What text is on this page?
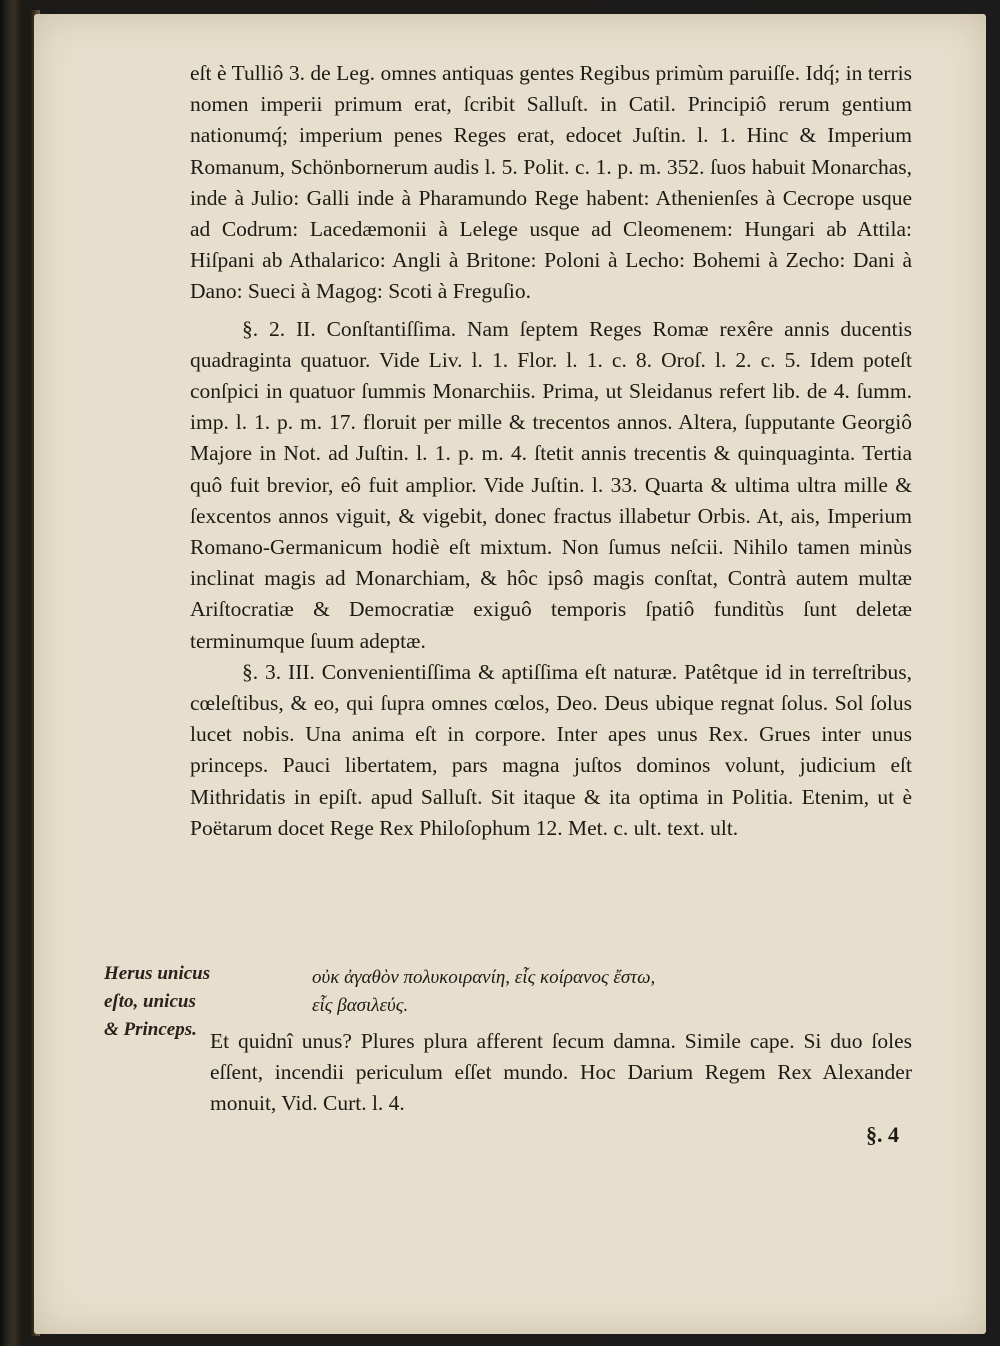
eſt è Tulliô 3. de Leg. omnes antiquas gentes Regibus primùm paruiſſe. Idq́; in terris nomen imperii primum erat, ſcribit Salluſt. in Catil. Principiô rerum gentium nationumq́; imperium penes Reges erat, edocet Juſtin. l. 1. Hinc & Imperium Romanum, Schönbornerum audis l. 5. Polit. c. 1. p. m. 352. ſuos habuit Monarchas, inde à Julio: Galli inde à Pharamundo Rege habent: Athenienſes à Cecrope usque ad Codrum: Lacedæmonii à Lelege usque ad Cleomenem: Hungari ab Attila: Hiſpani ab Athalarico: Angli à Britone: Poloni à Lecho: Bohemi à Zecho: Dani à Dano: Sueci à Magog: Scoti à Freguſio.

§. 2. II. Conſtantiſſima. Nam ſeptem Reges Romæ rexêre annis ducentis quadraginta quatuor. Vide Liv. l. 1. Flor. l. 1. c. 8. Oroſ. l. 2. c. 5. Idem poteſt conſpici in quatuor ſummis Monarchiis. Prima, ut Sleidanus refert lib. de 4. ſumm. imp. l. 1. p. m. 17. floruit per mille & trecentos annos. Altera, ſupputante Georgiô Majore in Not. ad Juſtin. l. 1. p. m. 4. ſtetit annis trecentis & quinquaginta. Tertia quô fuit brevior, eô fuit amplior. Vide Juſtin. l. 33. Quarta & ultima ultra mille & ſexcentos annos viguit, & vigebit, donec fractus illabetur Orbis. At, ais, Imperium Romano-Germanicum hodiè eſt mixtum. Non ſumus neſcii. Nihilo tamen minùs inclinat magis ad Monarchiam, & hôc ipsô magis conſtat, Contrà autem multæ Ariſtocratiæ & Democratiæ exiguô temporis ſpatiô funditùs ſunt deletæ terminumque ſuum adeptæ.

§. 3. III. Convenientiſſima & aptiſſima eſt naturæ. Patêtque id in terreſtribus, cœleſtibus, & eo, qui ſupra omnes cœlos, Deo. Deus ubique regnat ſolus. Sol ſolus lucet nobis. Una anima eſt in corpore. Inter apes unus Rex. Grues inter unus princeps. Pauci libertatem, pars magna juſtos dominos volunt, judicium eſt Mithridatis in epiſt. apud Salluſt. Sit itaque & ita optima in Politia. Etenim, ut è Poëtarum docet Rege Rex Philoſophum 12. Met. c. ult. text. ult.

Herus unicus eſto, unicus & Princeps.
οὐκ ἀγαθὸν πολυκοιρανίη, εἷς κοίρανος ἔστω,
εἷς βασιλεύς.

Et quidnî unus? Plures plura afferent ſecum damna. Simile cape. Si duo ſoles eſſent, incendii periculum eſſet mundo. Hoc Darium Regem Rex Alexander monuit, Vid. Curt. l. 4.

§. 4
